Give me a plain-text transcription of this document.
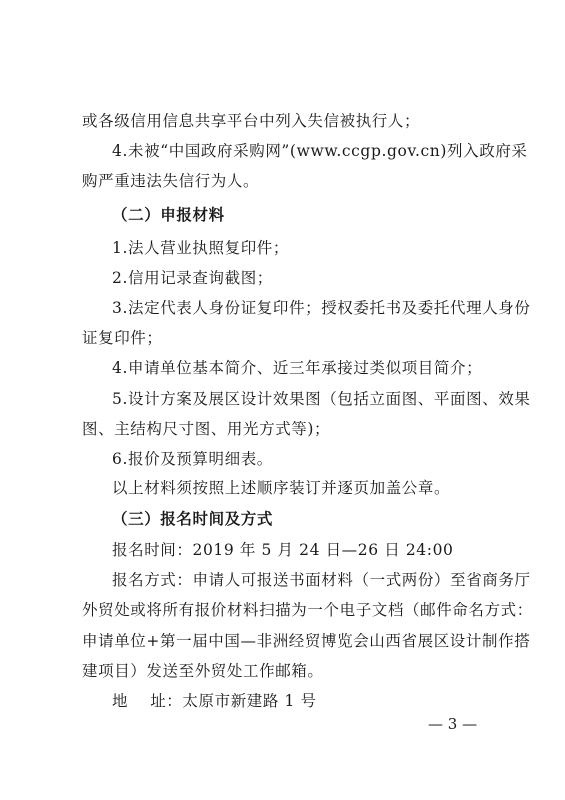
或各级信用信息共享平台中列入失信被执行人；
4.未被“中国政府采购网”(www.ccgp.gov.cn)列入政府采
购严重违法失信行为人。
（二）申报材料
1.法人营业执照复印件；
2.信用记录查询截图；
3.法定代表人身份证复印件；授权委托书及委托代理人身份
证复印件；
4.申请单位基本简介、近三年承接过类似项目简介；
5.设计方案及展区设计效果图（包括立面图、平面图、效果
图、主结构尺寸图、用光方式等)；
6.报价及预算明细表。
以上材料须按照上述顺序装订并逐页加盖公章。
（三）报名时间及方式
报名时间：2019 年 5 月 24 日—26 日 24:00
报名方式：申请人可报送书面材料（一式两份）至省商务厅
外贸处或将所有报价材料扫描为一个电子文档（邮件命名方式：
申请单位+第一届中国—非洲经贸博览会山西省展区设计制作搭
建项目）发送至外贸处工作邮箱。
地    址：太原市新建路 1 号
— 3 —
